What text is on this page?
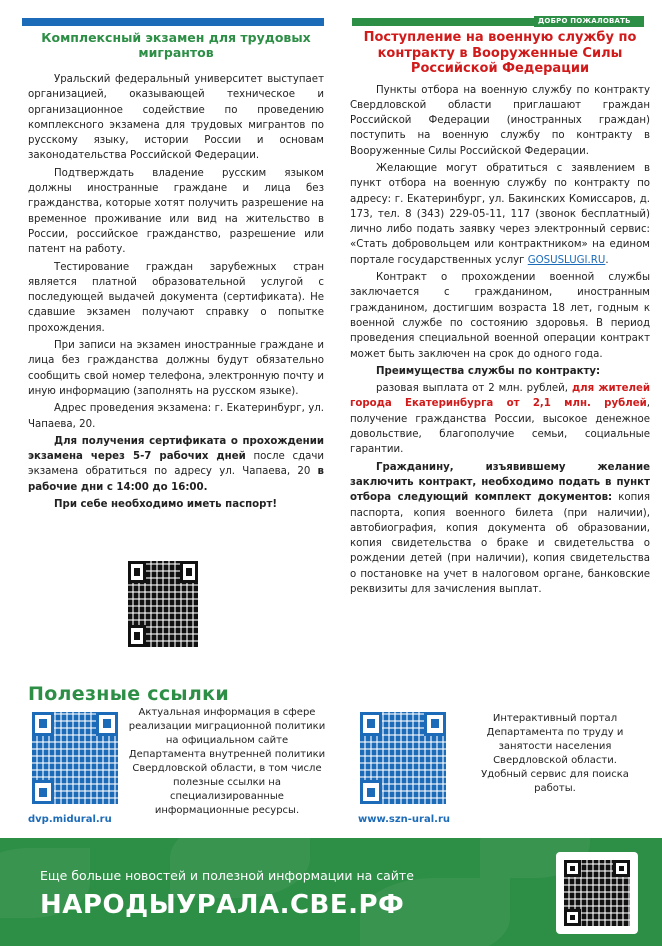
ДОБРО ПОЖАЛОВАТЬ
Комплексный экзамен для трудовых мигрантов
Уральский федеральный университет выступает организацией, оказывающей техническое и организационное содействие по проведению комплексного экзамена для трудовых мигрантов по русскому языку, истории России и основам законодательства Российской Федерации.
Подтверждать владение русским языком должны иностранные граждане и лица без гражданства, которые хотят получить разрешение на временное проживание или вид на жительство в России, российское гражданство, разрешение или патент на работу.
Тестирование граждан зарубежных стран является платной образовательной услугой с последующей выдачей документа (сертификата). Не сдавшие экзамен получают справку о попытке прохождения.
При записи на экзамен иностранные граждане и лица без гражданства должны будут обязательно сообщить свой номер телефона, электронную почту и иную информацию (заполнять на русском языке).
Адрес проведения экзамена: г. Екатеринбург, ул. Чапаева, 20.
Для получения сертификата о прохождении экзамена через 5-7 рабочих дней после сдачи экзамена обратиться по адресу ул. Чапаева, 20 в рабочие дни с 14:00 до 16:00.
При себе необходимо иметь паспорт!
Поступление на военную службу по контракту в Вооруженные Силы Российской Федерации
Пункты отбора на военную службу по контракту Свердловской области приглашают граждан Российской Федерации (иностранных граждан) поступить на военную службу по контракту в Вооруженные Силы Российской Федерации.
Желающие могут обратиться с заявлением в пункт отбора на военную службу по контракту по адресу: г. Екатеринбург, ул. Бакинских Комиссаров, д. 173, тел. 8 (343) 229-05-11, 117 (звонок бесплатный) лично либо подать заявку через электронный сервис: «Стать добровольцем или контрактником» на едином портале государственных услуг GOSUSLUGI.RU.
Контракт о прохождении военной службы заключается с гражданином, иностранным гражданином, достигшим возраста 18 лет, годным к военной службе по состоянию здоровья. В период проведения специальной военной операции контракт может быть заключен на срок до одного года.
Преимущества службы по контракту:
разовая выплата от 2 млн. рублей, для жителей города Екатеринбурга от 2,1 млн. рублей, получение гражданства России, высокое денежное довольствие, благополучие семьи, социальные гарантии.
Гражданину, изъявившему желание заключить контракт, необходимо подать в пункт отбора следующий комплект документов: копия паспорта, копия военного билета (при наличии), автобиография, копия документа об образовании, копия свидетельства о браке и свидетельства о рождении детей (при наличии), копия свидетельства о постановке на учет в налоговом органе, банковские реквизиты для зачисления выплат.
Полезные ссылки
dvp.midural.ru
Актуальная информация в сфере реализации миграционной политики на официальном сайте Департамента внутренней политики Свердловской области, в том числе полезные ссылки на специализированные информационные ресурсы.
www.szn-ural.ru
Интерактивный портал Департамента по труду и занятости населения Свердловской области. Удобный сервис для поиска работы.
Еще больше новостей и полезной информации на сайте
НАРОДЫУРАЛА.СВЕ.РФ
